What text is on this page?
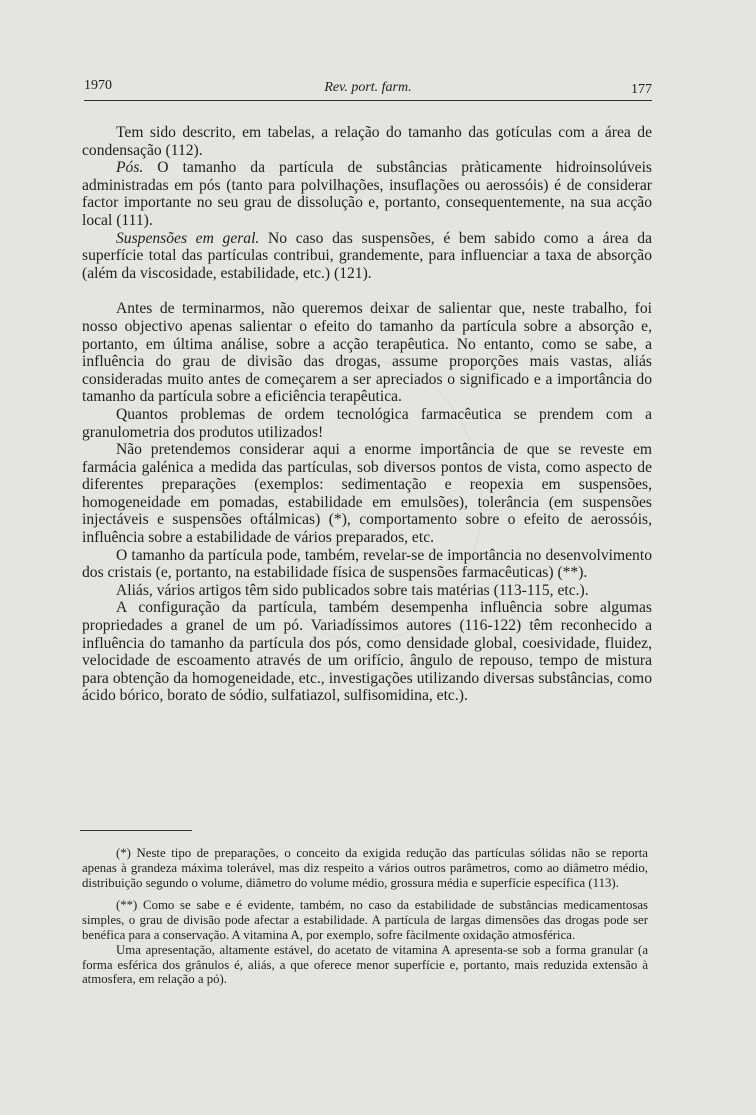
1970	Rev. port. farm.	177

Tem sido descrito, em tabelas, a relação do tamanho das gotículas com a área de condensação (112).

Pós. O tamanho da partícula de substâncias pràticamente hidroinsolúveis administradas em pós (tanto para polvilhações, insuflações ou aerossóis) é de considerar factor importante no seu grau de dissolução e, portanto, consequentemente, na sua acção local (111).

Suspensões em geral. No caso das suspensões, é bem sabido como a área da superfície total das partículas contribui, grandemente, para influenciar a taxa de absorção (além da viscosidade, estabilidade, etc.) (121).

Antes de terminarmos, não queremos deixar de salientar que, neste trabalho, foi nosso objectivo apenas salientar o efeito do tamanho da partícula sobre a absorção e, portanto, em última análise, sobre a acção terapêutica. No entanto, como se sabe, a influência do grau de divisão das drogas, assume proporções mais vastas, aliás consideradas muito antes de começarem a ser apreciados o significado e a importância do tamanho da partícula sobre a eficiência terapêutica.

Quantos problemas de ordem tecnológica farmacêutica se prendem com a granulometria dos produtos utilizados!

Não pretendemos considerar aqui a enorme importância de que se reveste em farmácia galénica a medida das partículas, sob diversos pontos de vista, como aspecto de diferentes preparações (exemplos: sedimentação e reopexia em suspensões, homogeneidade em pomadas, estabilidade em emulsões), tolerância (em suspensões injectáveis e suspensões oftálmicas) (*), comportamento sobre o efeito de aerossóis, influência sobre a estabilidade de vários preparados, etc.

O tamanho da partícula pode, também, revelar-se de importância no desenvolvimento dos cristais (e, portanto, na estabilidade física de suspensões farmacêuticas) (**).

Aliás, vários artigos têm sido publicados sobre tais matérias (113-115, etc.).

A configuração da partícula, também desempenha influência sobre algumas propriedades a granel de um pó. Variadíssimos autores (116-122) têm reconhecido a influência do tamanho da partícula dos pós, como densidade global, coesividade, fluidez, velocidade de escoamento através de um orifício, ângulo de repouso, tempo de mistura para obtenção da homogeneidade, etc., investigações utilizando diversas substâncias, como ácido bórico, borato de sódio, sulfatiazol, sulfisomidina, etc.).

(*) Neste tipo de preparações, o conceito da exigida redução das partículas sólidas não se reporta apenas à grandeza máxima tolerável, mas diz respeito a vários outros parâmetros, como ao diâmetro médio, distribuição segundo o volume, diâmetro do volume médio, grossura média e superfície específica (113).

(**) Como se sabe e é evidente, também, no caso da estabilidade de substâncias medicamentosas simples, o grau de divisão pode afectar a estabilidade. A partícula de largas dimensões das drogas pode ser benéfica para a conservação. A vitamina A, por exemplo, sofre fàcilmente oxidação atmosférica.

Uma apresentação, altamente estável, do acetato de vitamina A apresenta-se sob a forma granular (a forma esférica dos grânulos é, aliás, a que oferece menor superfície e, portanto, mais reduzida extensão à atmosfera, em relação a pó).
